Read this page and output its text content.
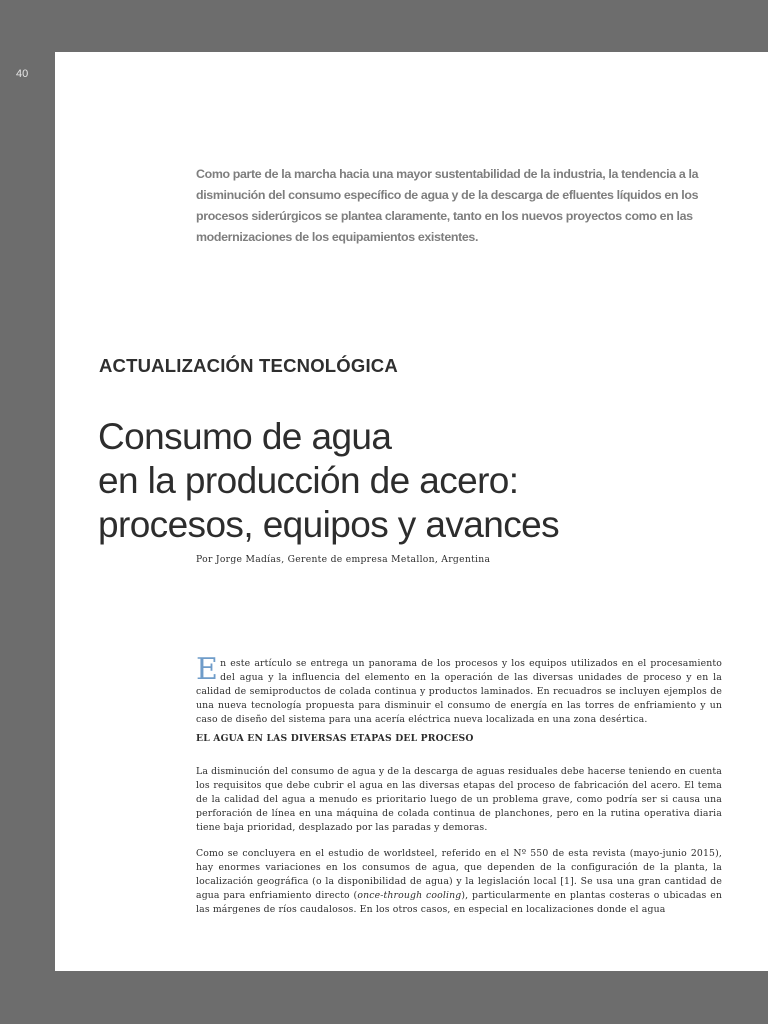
40

Como parte de la marcha hacia una mayor sustentabilidad de la industria, la tendencia a la disminución del consumo específico de agua y de la descarga de efluentes líquidos en los procesos siderúrgicos se plantea claramente, tanto en los nuevos proyectos como en las modernizaciones de los equipamientos existentes.

ACTUALIZACIÓN TECNOLÓGICA
Consumo de agua
en la producción de acero:
procesos, equipos y avances
Por Jorge Madías, Gerente de empresa Metallon, Argentina

En este artículo se entrega un panorama de los procesos y los equipos utilizados en el procesamiento del agua y la influencia del elemento en la operación de las diversas unidades de proceso y en la calidad de semiproductos de colada continua y productos laminados. En recuadros se incluyen ejemplos de una nueva tecnología propuesta para disminuir el consumo de energía en las torres de enfriamiento y un caso de diseño del sistema para una acería eléctrica nueva localizada en una zona desértica.

EL AGUA EN LAS DIVERSAS ETAPAS DEL PROCESO

La disminución del consumo de agua y de la descarga de aguas residuales debe hacerse teniendo en cuenta los requisitos que debe cubrir el agua en las diversas etapas del proceso de fabricación del acero. El tema de la calidad del agua a menudo es prioritario luego de un problema grave, como podría ser si causa una perforación de línea en una máquina de colada continua de planchones, pero en la rutina operativa diaria tiene baja prioridad, desplazado por las paradas y demoras.

Como se concluyera en el estudio de worldsteel, referido en el Nº 550 de esta revista (mayo-junio 2015), hay enormes variaciones en los consumos de agua, que dependen de la configuración de la planta, la localización geográfica (o la disponibilidad de agua) y la legislación local [1]. Se usa una gran cantidad de agua para enfriamiento directo (once-through cooling), particularmente en plantas costeras o ubicadas en las márgenes de ríos caudalosos. En los otros casos, en especial en localizaciones donde el agua
